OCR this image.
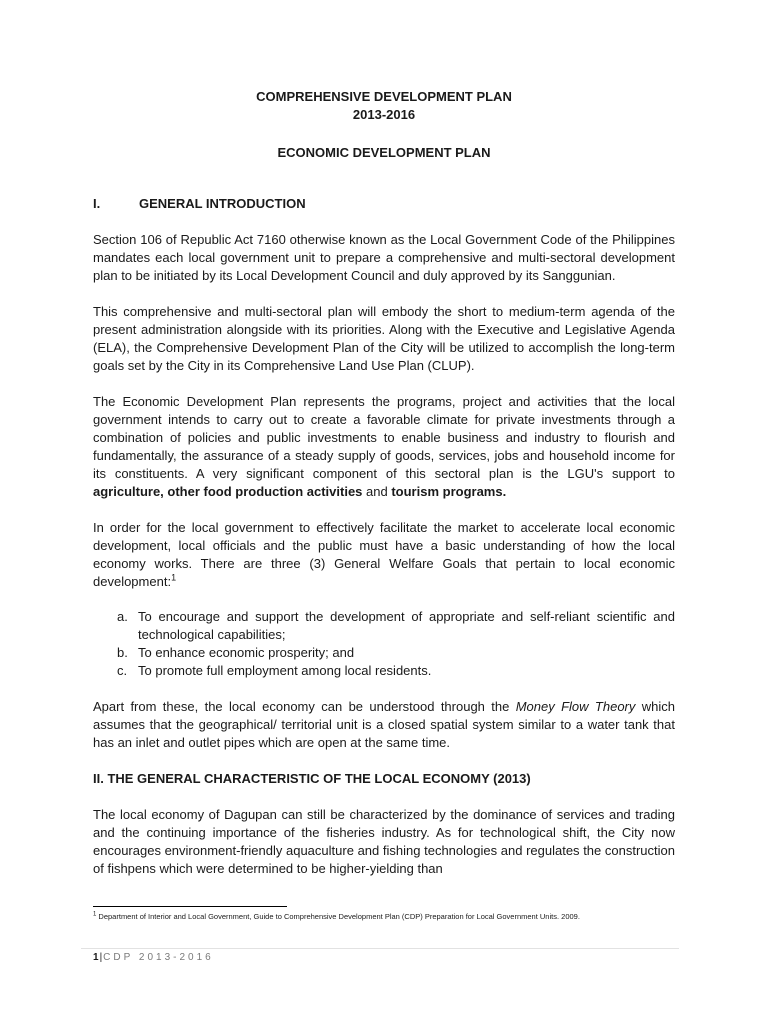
COMPREHENSIVE DEVELOPMENT PLAN

2013-2016

ECONOMIC DEVELOPMENT PLAN

I.	GENERAL INTRODUCTION

Section 106 of Republic Act 7160 otherwise known as the Local Government Code of the Philippines mandates each local government unit to prepare a comprehensive and multi-sectoral development plan to be initiated by its Local Development Council and duly approved by its Sanggunian.

This comprehensive and multi-sectoral plan will embody the short to medium-term agenda of the present administration alongside with its priorities. Along with the Executive and Legislative Agenda (ELA), the Comprehensive Development Plan of the City will be utilized to accomplish the long-term goals set by the City in its Comprehensive Land Use Plan (CLUP).

The Economic Development Plan represents the programs, project and activities that the local government intends to carry out to create a favorable climate for private investments through a combination of policies and public investments to enable business and industry to flourish and fundamentally, the assurance of a steady supply of goods, services, jobs and household income for its constituents. A very significant component of this sectoral plan is the LGU's support to agriculture, other food production activities and tourism programs.

In order for the local government to effectively facilitate the market to accelerate local economic development, local officials and the public must have a basic understanding of how the local economy works. There are three (3) General Welfare Goals that pertain to local economic development:$^1$

a. To encourage and support the development of appropriate and self-reliant scientific and technological capabilities;
b. To enhance economic prosperity; and
c. To promote full employment among local residents.

Apart from these, the local economy can be understood through the Money Flow Theory which assumes that the geographical/ territorial unit is a closed spatial system similar to a water tank that has an inlet and outlet pipes which are open at the same time.

II. THE GENERAL CHARACTERISTIC OF THE LOCAL ECONOMY (2013)

The local economy of Dagupan can still be characterized by the dominance of services and trading and the continuing importance of the fisheries industry. As for technological shift, the City now encourages environment-friendly aquaculture and fishing technologies and regulates the construction of fishpens which were determined to be higher-yielding than

$^1$ Department of Interior and Local Government, Guide to Comprehensive Development Plan (CDP) Preparation for Local Government Units. 2009.
1|CDP 2013-2016
